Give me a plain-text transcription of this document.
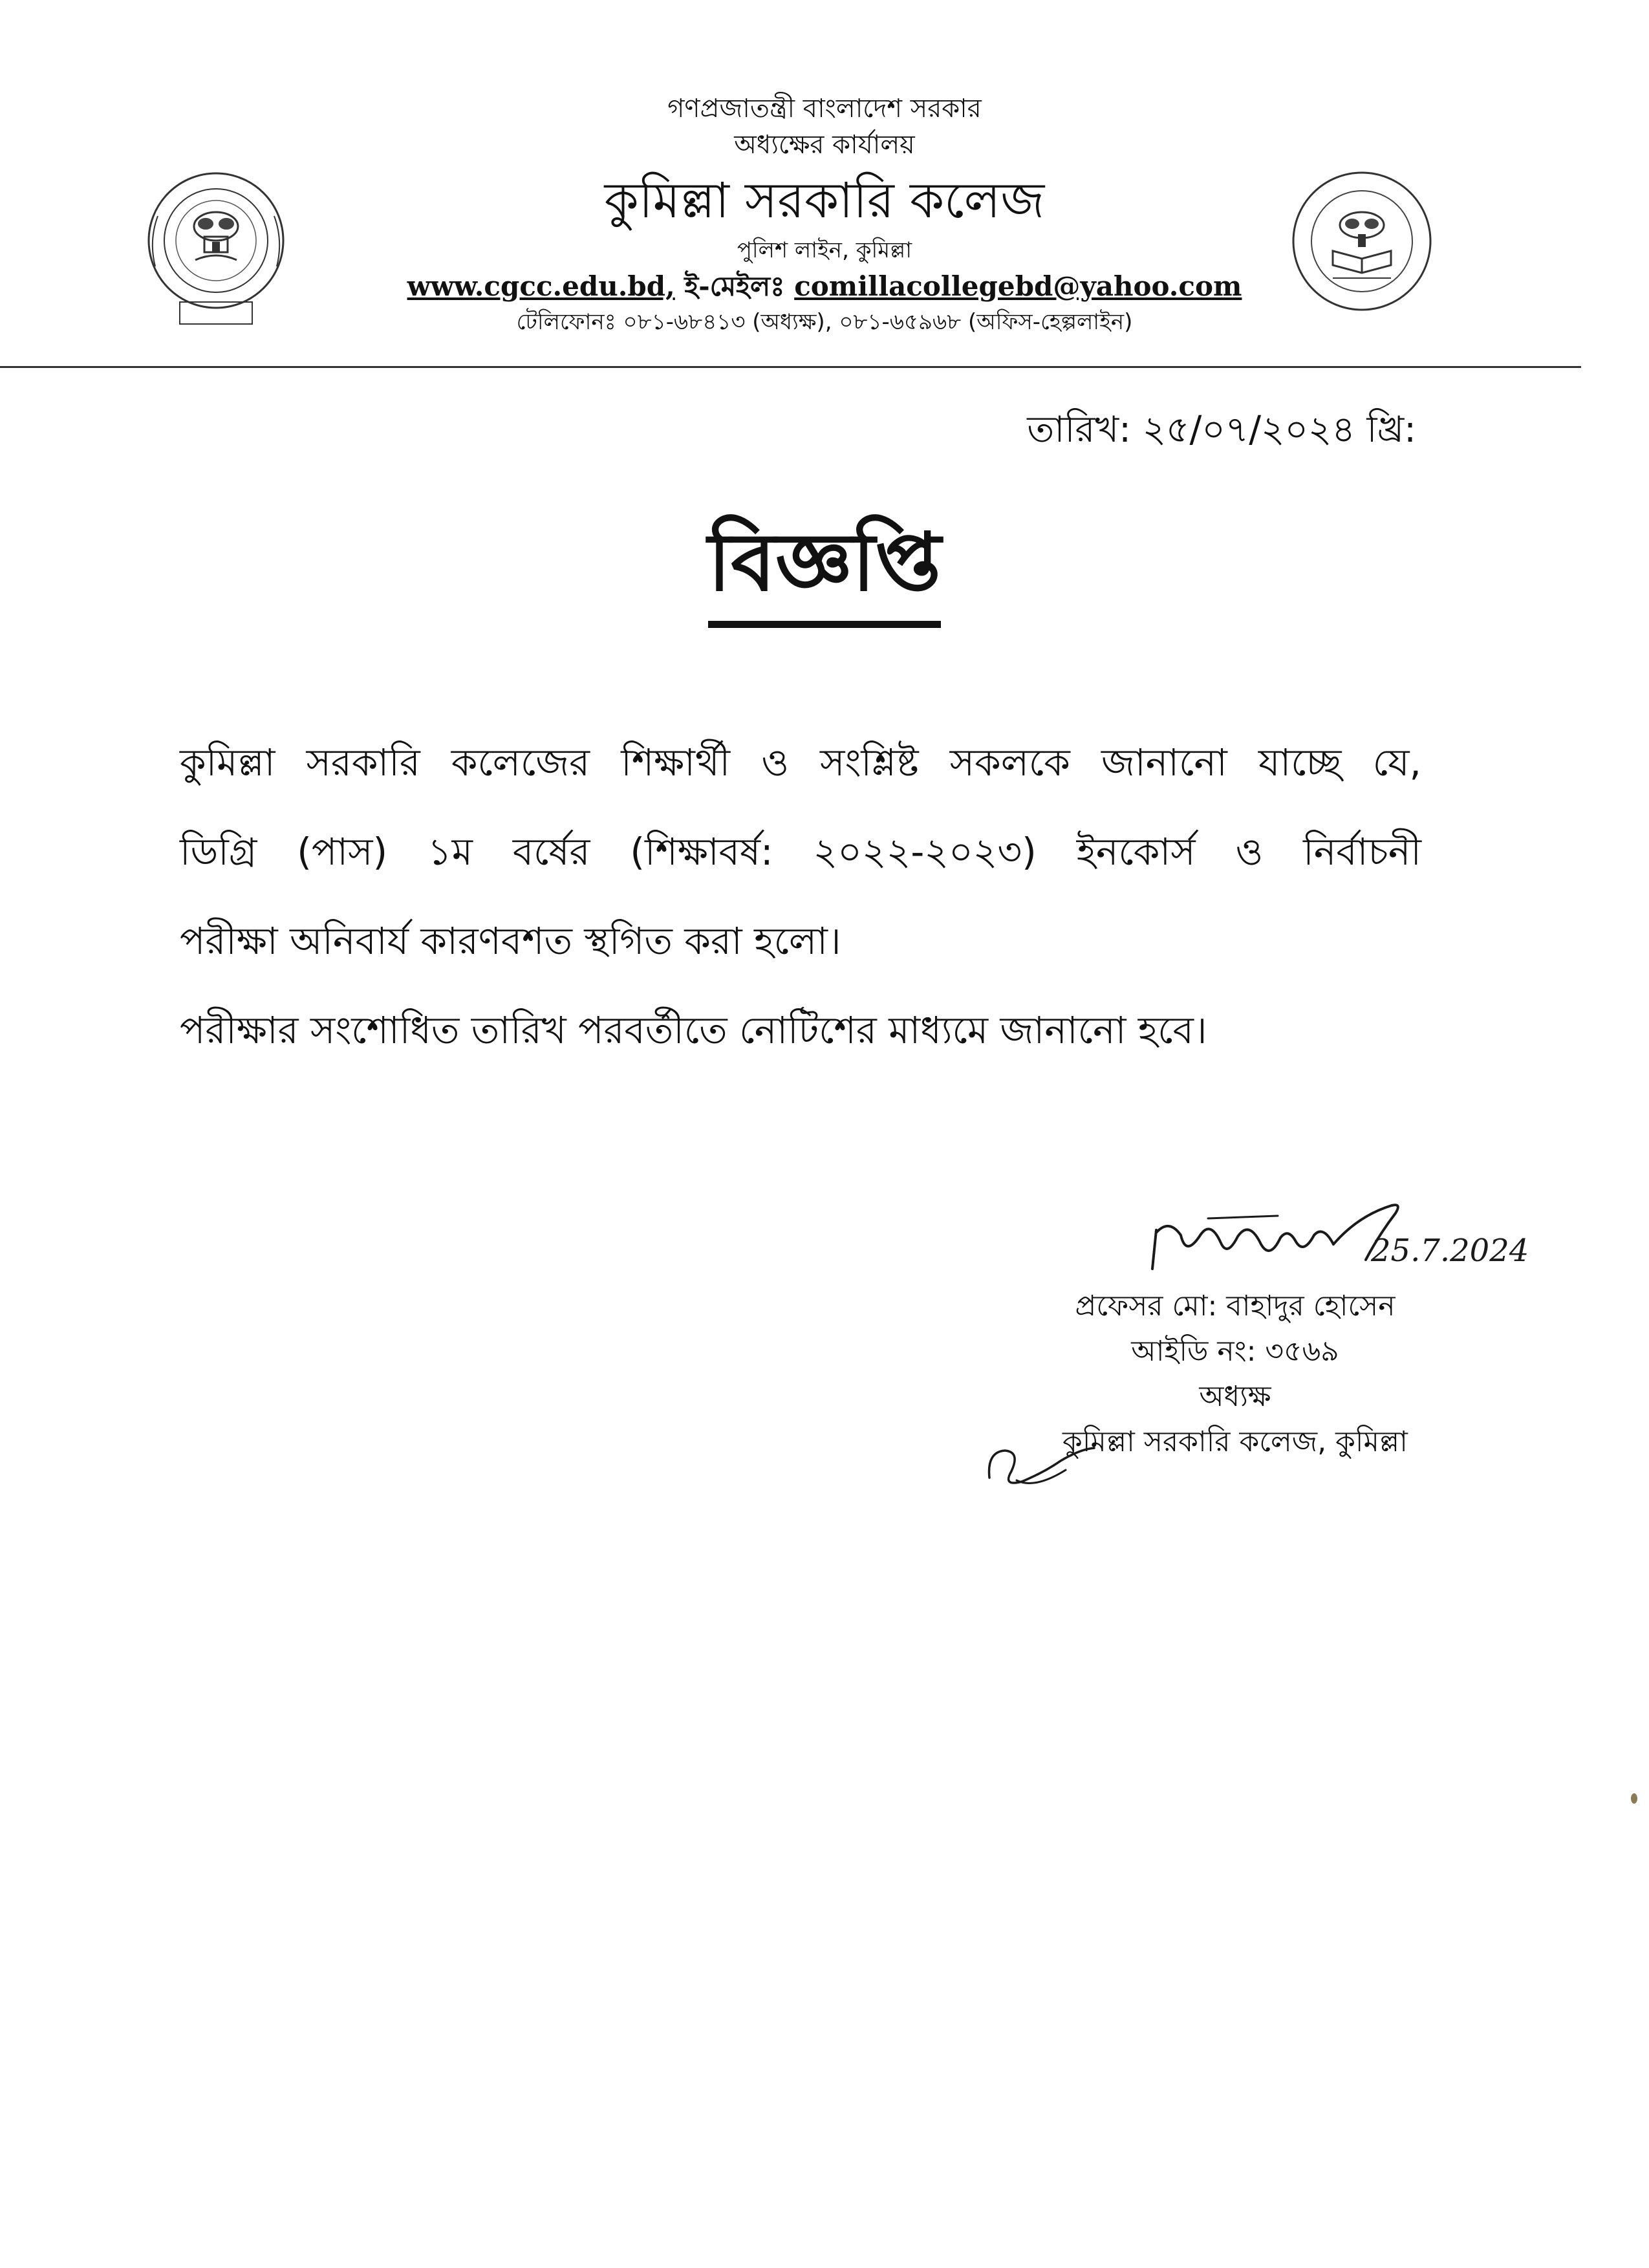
গণপ্রজাতন্ত্রী বাংলাদেশ সরকার
অধ্যক্ষের কার্যালয়
কুমিল্লা সরকারি কলেজ
পুলিশ লাইন, কুমিল্লা
www.cgcc.edu.bd, ই-মেইলঃ comillacollegebd@yahoo.com
টেলিফোনঃ ০৮১-৬৮৪১৩ (অধ্যক্ষ), ০৮১-৬৫৯৬৮ (অফিস-হেল্পলাইন)
তারিখ: ২৫/০৭/২০২৪ খ্রি:
বিজ্ঞপ্তি
কুমিল্লা সরকারি কলেজের শিক্ষার্থী ও সংশ্লিষ্ট সকলকে জানানো যাচ্ছে যে,
ডিগ্রি (পাস) ১ম বর্ষের (শিক্ষাবর্ষ: ২০২২-২০২৩) ইনকোর্স ও নির্বাচনী
পরীক্ষা অনিবার্য কারণবশত স্থগিত করা হলো।
পরীক্ষার সংশোধিত তারিখ পরবর্তীতে নোটিশের মাধ্যমে জানানো হবে।
25.7.2024
প্রফেসর মো: বাহাদুর হোসেন
আইডি নং: ৩৫৬৯
অধ্যক্ষ
কুমিল্লা সরকারি কলেজ, কুমিল্লা
